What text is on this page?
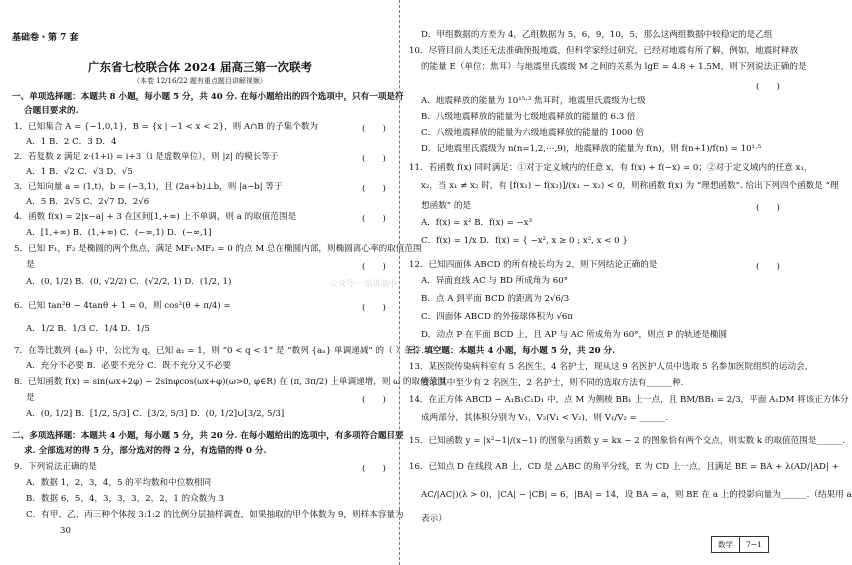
基础卷・第 7 套
广东省七校联合体 2024 届高三第一次联考
（本卷 12/16/22 题有重点题目讲解视频）
一、单项选择题：本题共 8 小题，每小题 5 分，共 40 分. 在每小题给出的四个选项中，只有一项是符
合题目要求的.
1．已知集合 A = {−1,0,1}，B = {x | −1 < x < 2}，则 A∩B 的子集个数为	(　　)
A．1 B．2 C．3 D．4
2．若复数 z 满足 z·(1+i) = i+3（i 是虚数单位），则 |z| 的模长等于	(　　)
A．1 B．√2 C．√3 D．√5
3．已知向量 a = (1,t)，b = (−3,1)，且 (2a+b)⊥b，则 |a−b| 等于	(　　)
A．5 B．2√5 C．2√7 D．2√6
4．函数 f(x) = 2|x−a| + 3 在区间[1,+∞) 上不单调，则 a 的取值范围是	(　　)
A．[1,+∞) B．(1,+∞) C．(−∞,1) D．(−∞,1]
5．已知 F₁，F₂ 是椭圆的两个焦点，满足 MF₁·MF₂ = 0 的点 M 总在椭圆内部，则椭圆离心率的取值范围
是	(　　)
A．(0, 1/2) B．(0, √2/2) C．(√2/2, 1) D．(1/2, 1)
6．已知 tan²θ − 4tanθ + 1 = 0，则 cos²(θ + π/4) =	(　　)
A．1/2 B．1/3 C．1/4 D．1/5
7．在等比数列 {aₙ} 中，公比为 q，已知 a₁ = 1，则 “0 < q < 1” 是 “数列 {aₙ} 单调递减” 的（ ）条件.
A．充分不必要 B．必要不充分 C．既不充分又不必要
8．已知函数 f(x) = sin(ωx+2φ) − 2sinφcos(ωx+φ)(ω>0, φ∈R) 在 (π, 3π/2) 上单调递增，则 ω 的取值范围
是	(　　)
A．(0, 1/2] B．[1/2, 5/3] C．[3/2, 5/3] D．(0, 1/2]∪[3/2, 5/3]
二、多项选择题：本题共 4 小题，每小题 5 分，共 20 分. 在每小题给出的选项中，有多项符合题目要
求. 全部选对的得 5 分，部分选对的得 2 分，有选错的得 0 分.
9．下列说法正确的是	(　　)
A．数据 1，2，3，4，5 的平均数和中位数相同
B．数据 6，5，4，3，3，3，2，2，1 的众数为 3
C．有甲、乙、丙三种个体按 3:1:2 的比例分层抽样调查，如果抽取的甲个体数为 9，则样本容量为
30
D．甲组数据的方差为 4，乙组数据为 5，6，9，10，5，那么这两组数据中较稳定的是乙组
10．尽管目前人类还无法准确预报地震，但科学家经过研究，已经对地震有所了解，例如，地震时释放
的能量 E（单位：焦耳）与地震里氏震级 M 之间的关系为 lgE = 4.8 + 1.5M，则下列说法正确的是
(　　)
A．地震释放的能量为 10¹⁵·³ 焦耳时，地震里氏震级为七级
B．八级地震释放的能量为七级地震释放的能量的 6.3 倍
C．八级地震释放的能量为六级地震释放的能量的 1000 倍
D．记地震里氏震级为 n(n=1,2,⋯,9)，地震释放的能量为 f(n)，则 f(n+1)/f(n) = 10¹·⁵
11．若函数 f(x) 同时满足：①对于定义域内的任意 x，有 f(x) + f(−x) = 0；②对于定义域内的任意 x₁，
x₂，当 x₁ ≠ x₂ 时，有 [f(x₁) − f(x₂)]/(x₁ − x₂) < 0，则称函数 f(x) 为 “理想函数”. 给出下列四个函数是 “理
想函数” 的是	(　　)
A．f(x) = x² B．f(x) = −x³
C．f(x) = 1/x D．f(x) = { −x², x ≥ 0 ; x², x < 0 }
12．已知四面体 ABCD 的所有棱长均为 2，则下列结论正确的是	(　　)
A．异面直线 AC 与 BD 所成角为 60°
B．点 A 到平面 BCD 的距离为 2√6/3
C．四面体 ABCD 的外接球体积为 √6π
D．动点 P 在平面 BCD 上，且 AP 与 AC 所成角为 60°，则点 P 的轨迹是椭圆
三、填空题：本题共 4 小题，每小题 5 分，共 20 分.
13．某医院传染病科室有 5 名医生，4 名护士，现从这 9 名医护人员中选取 5 名参加医院组织的运动会，
要求其中至少有 2 名医生，2 名护士，则不同的选取方法有______种.
14．在正方体 ABCD − A₁B₁C₁D₁ 中，点 M 为侧棱 BB₁ 上一点，且 BM/BB₁ = 2/3，平面 A₁DM 将该正方体分
成两部分，其体积分别为 V₁，V₂(V₁ < V₂)，则 V₁/V₂ = ______.
15．已知函数 y = |x²−1|/(x−1) 的图象与函数 y = kx − 2 的图象恰有两个交点，则实数 k 的取值范围是______.
16．已知点 D 在线段 AB 上，CD 是 △ABC 的角平分线，E 为 CD 上一点，且满足 BE = BA + λ(AD/|AD| +
AC/|AC|)(λ > 0)，|CA| − |CB| = 6，|BA| = 14，设 BA = a，则 BE 在 a 上的投影向量为______.（结果用 a
表示）
数学 7−1
公众号·一站讲高中
